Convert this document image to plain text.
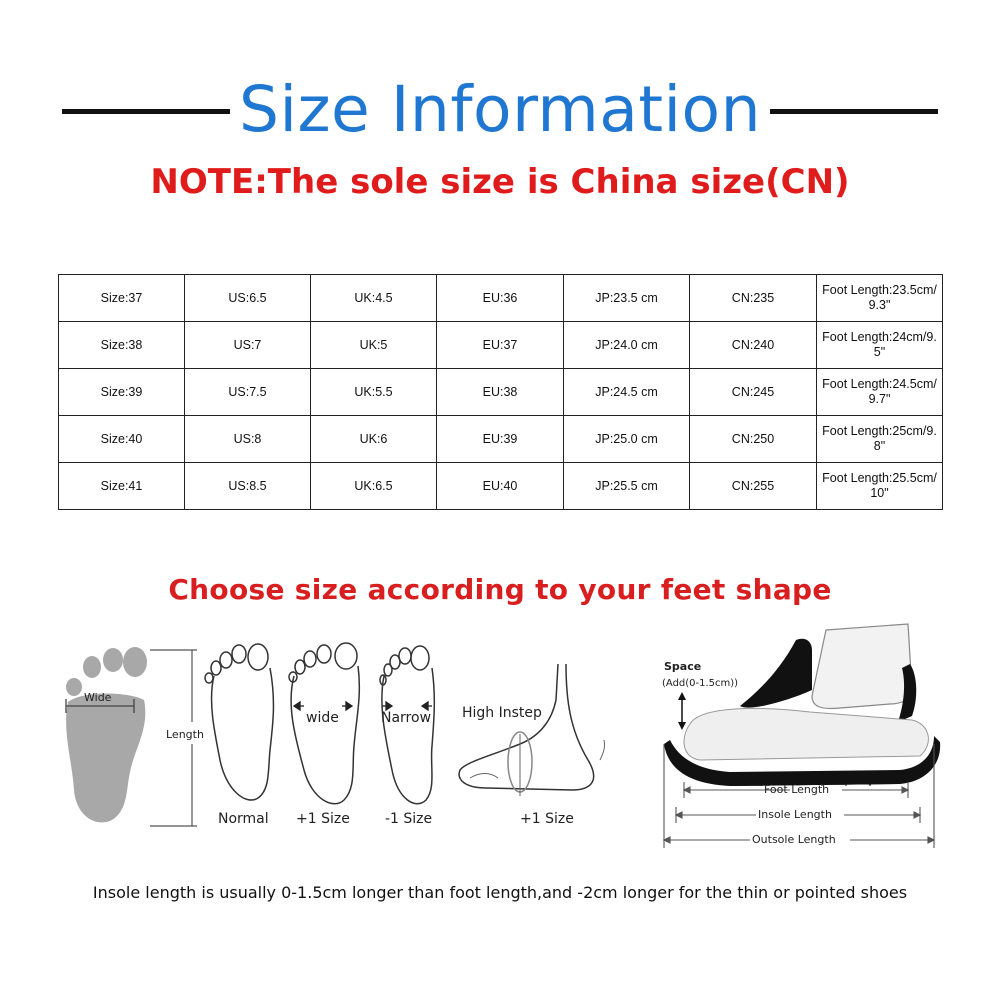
Size Information
NOTE:The sole size is China size(CN)
Size:37	US:6.5	UK:4.5	EU:36	JP:23.5 cm	CN:235	Foot Length:23.5cm/9.3"
Size:38	US:7	UK:5	EU:37	JP:24.0 cm	CN:240	Foot Length:24cm/9.5"
Size:39	US:7.5	UK:5.5	EU:38	JP:24.5 cm	CN:245	Foot Length:24.5cm/9.7"
Size:40	US:8	UK:6	EU:39	JP:25.0 cm	CN:250	Foot Length:25cm/9.8"
Size:41	US:8.5	UK:6.5	EU:40	JP:25.5 cm	CN:255	Foot Length:25.5cm/10"
Choose size according to your feet shape
Wide
Length
wide	Narrow
Normal +1 Size	-1 Size
High Instep
+1 Size
Space
(Add(0-1.5cm))
Foot Length
Insole Length
Outsole Length
Insole length is usually 0-1.5cm longer than foot length,and -2cm longer for the thin or pointed shoes
